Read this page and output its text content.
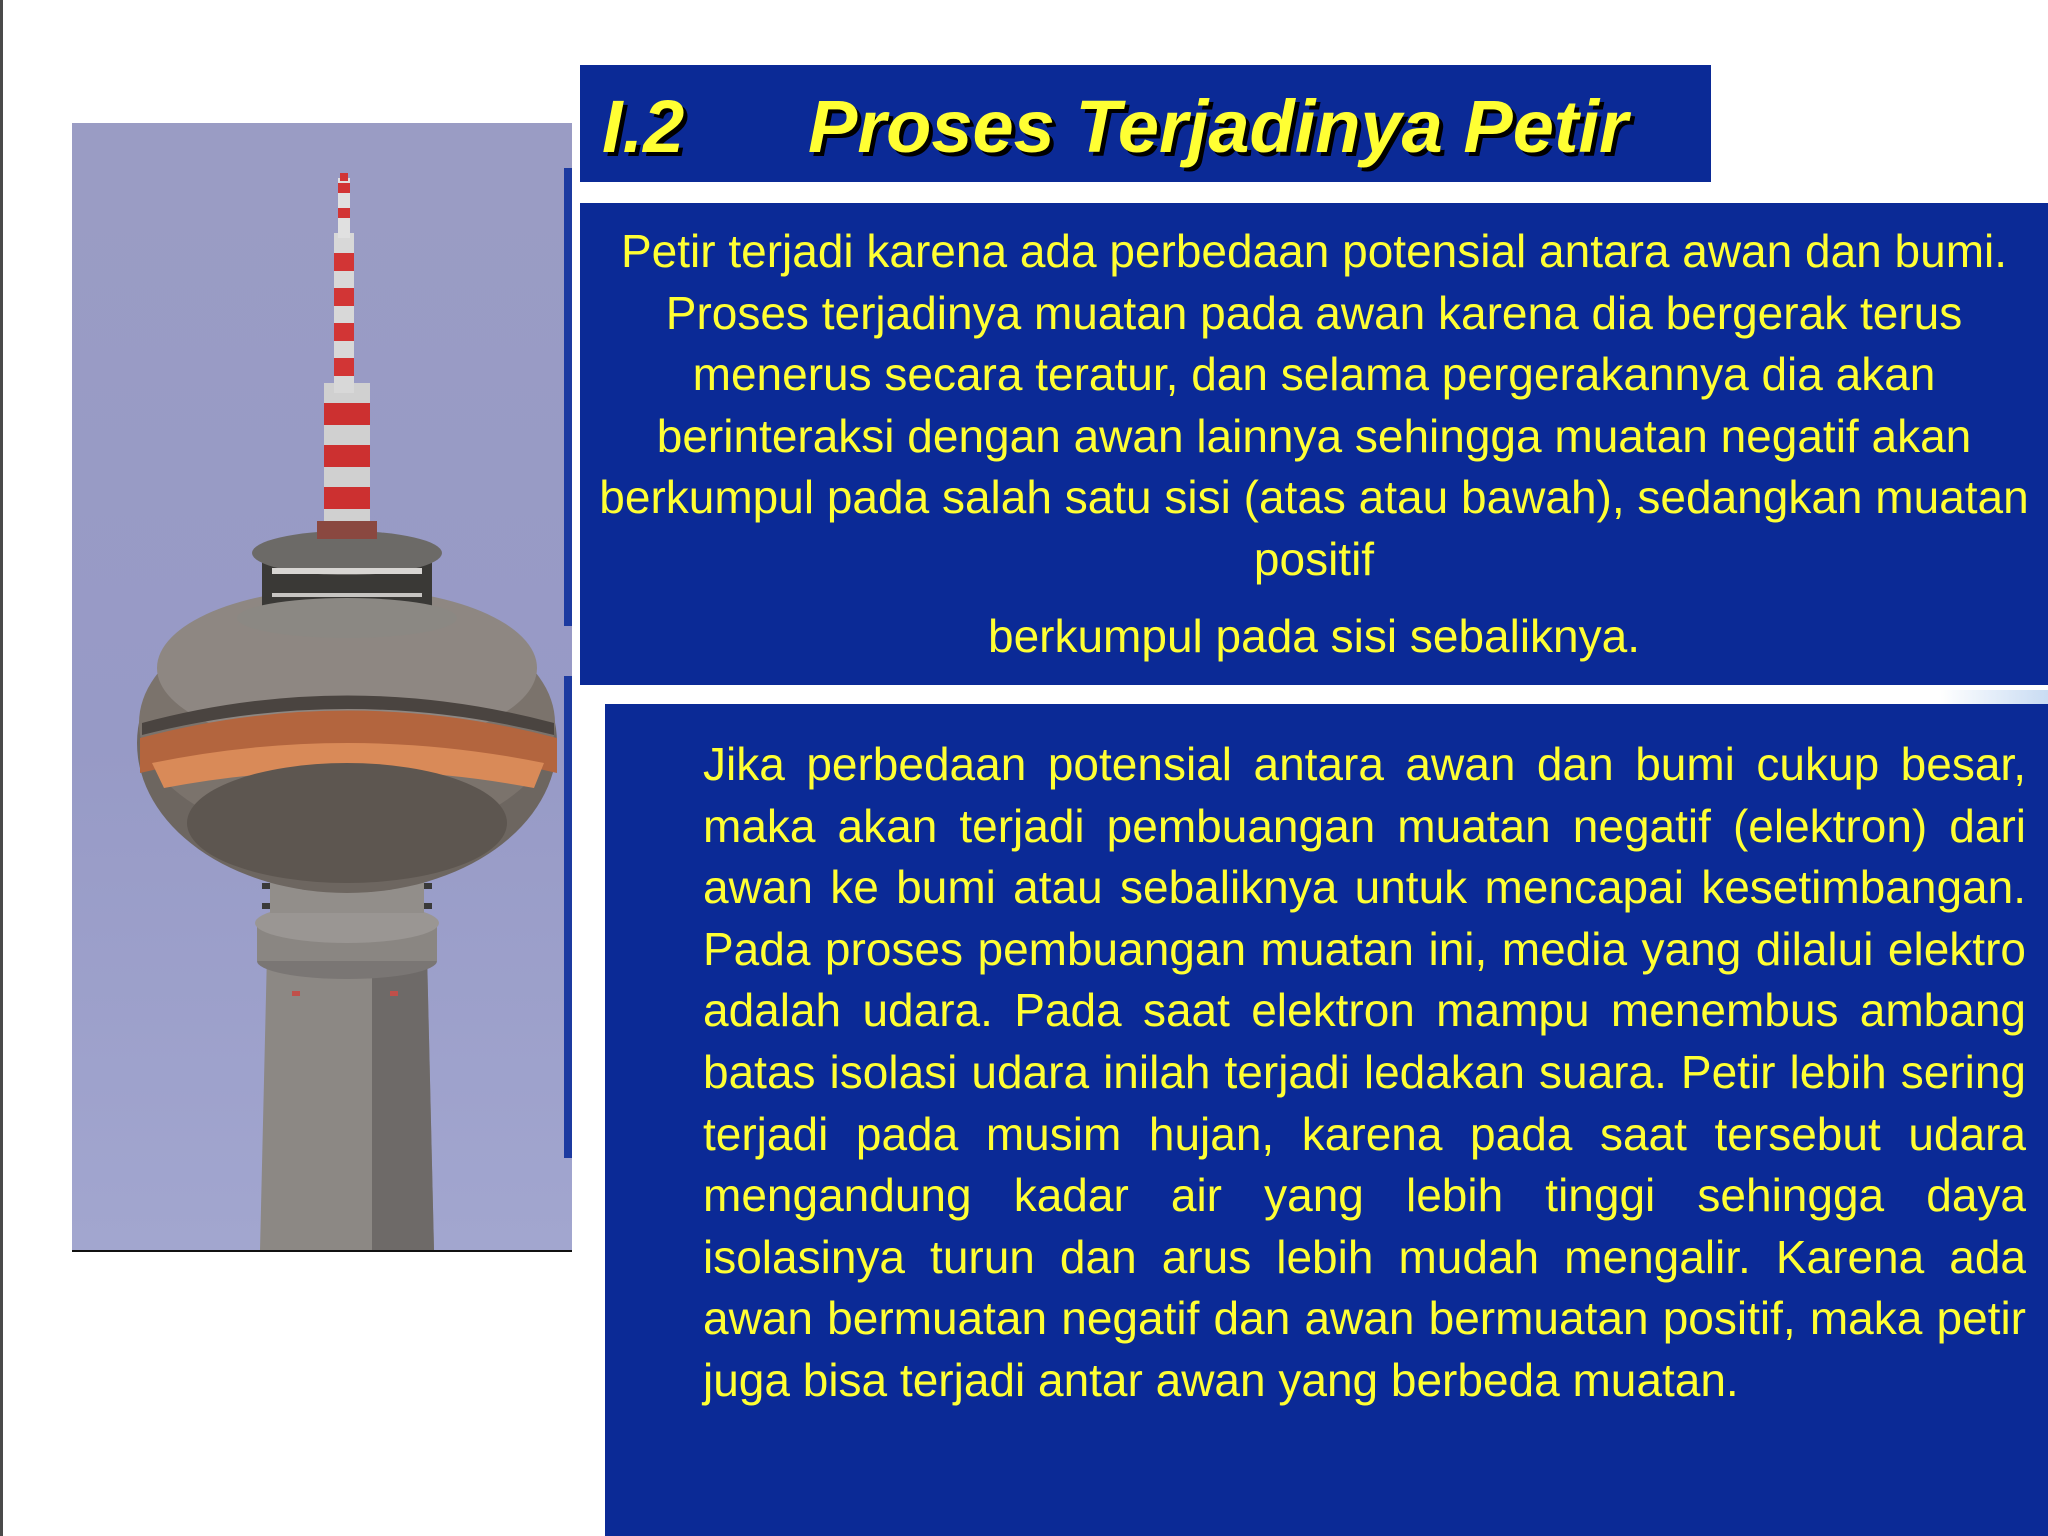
I.2 Proses Terjadinya Petir
Petir terjadi karena ada perbedaan potensial antara awan dan bumi. Proses terjadinya muatan pada awan karena dia bergerak terus menerus secara teratur, dan selama pergerakannya dia akan berinteraksi dengan awan lainnya sehingga muatan negatif akan berkumpul pada salah satu sisi (atas atau bawah), sedangkan muatan positif
berkumpul pada sisi sebaliknya.
Jika perbedaan potensial antara awan dan bumi cukup besar, maka akan terjadi pembuangan muatan negatif (elektron) dari awan ke bumi atau sebaliknya untuk mencapai kesetimbangan. Pada proses pembuangan muatan ini, media yang dilalui elektro adalah udara. Pada saat elektron mampu menembus ambang batas isolasi udara inilah terjadi ledakan suara. Petir lebih sering terjadi pada musim hujan, karena pada saat tersebut udara mengandung kadar air yang lebih tinggi sehingga daya isolasinya turun dan arus lebih mudah mengalir. Karena ada awan bermuatan negatif dan awan bermuatan positif, maka petir juga bisa terjadi antar awan yang berbeda muatan.
